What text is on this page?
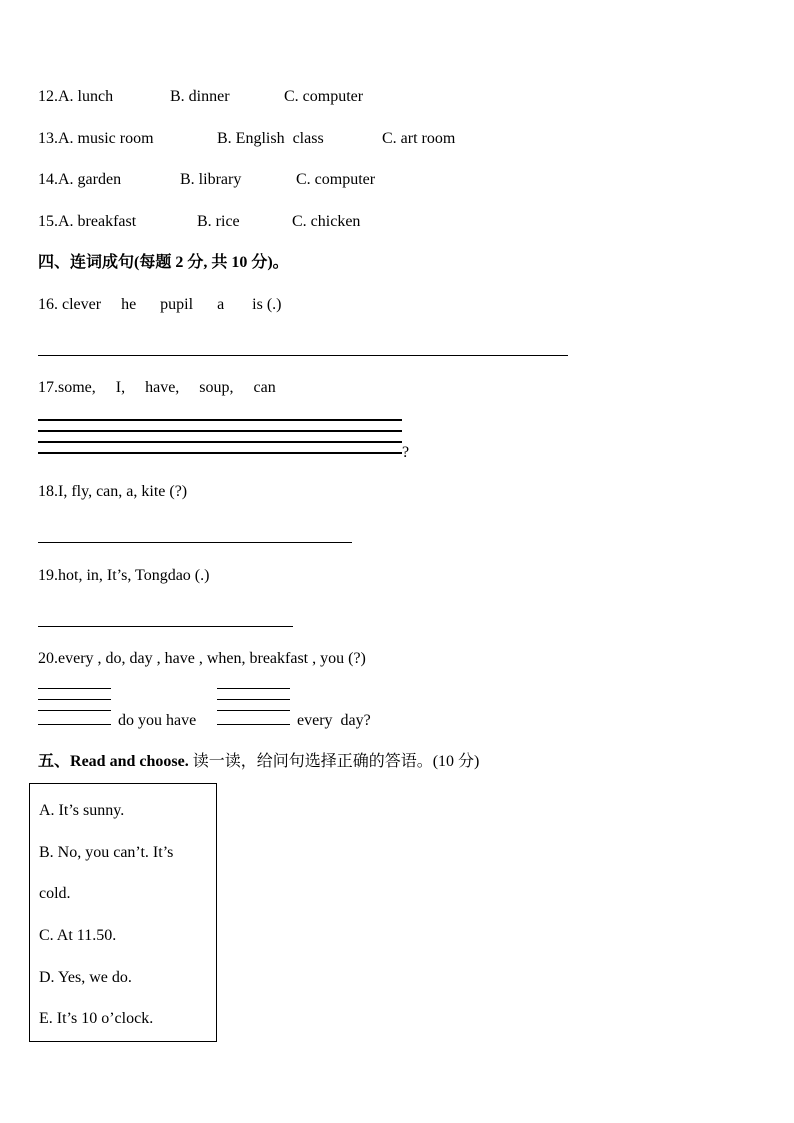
12.A. lunch	B. dinner	C. computer
13.A. music room	B. English  class	C. art room
14.A. garden	B. library	C. computer
15.A. breakfast	B. rice	C. chicken
四、连词成句(每题 2 分, 共 10 分)。
16. clever     he      pupil      a       is (.)
17.some,     I,     have,     soup,     can
?
18.I, fly, can, a, kite (?)
19.hot, in, It’s, Tongdao (.)
20.every , do, day , have , when, breakfast , you (?)
do you have	every  day?
五、Read and choose. 读一读，给问句选择正确的答语。(10 分)
A. It’s sunny.
B. No, you can’t. It’s
cold.
C. At 11.50.
D. Yes, we do.
E. It’s 10 o’clock.
